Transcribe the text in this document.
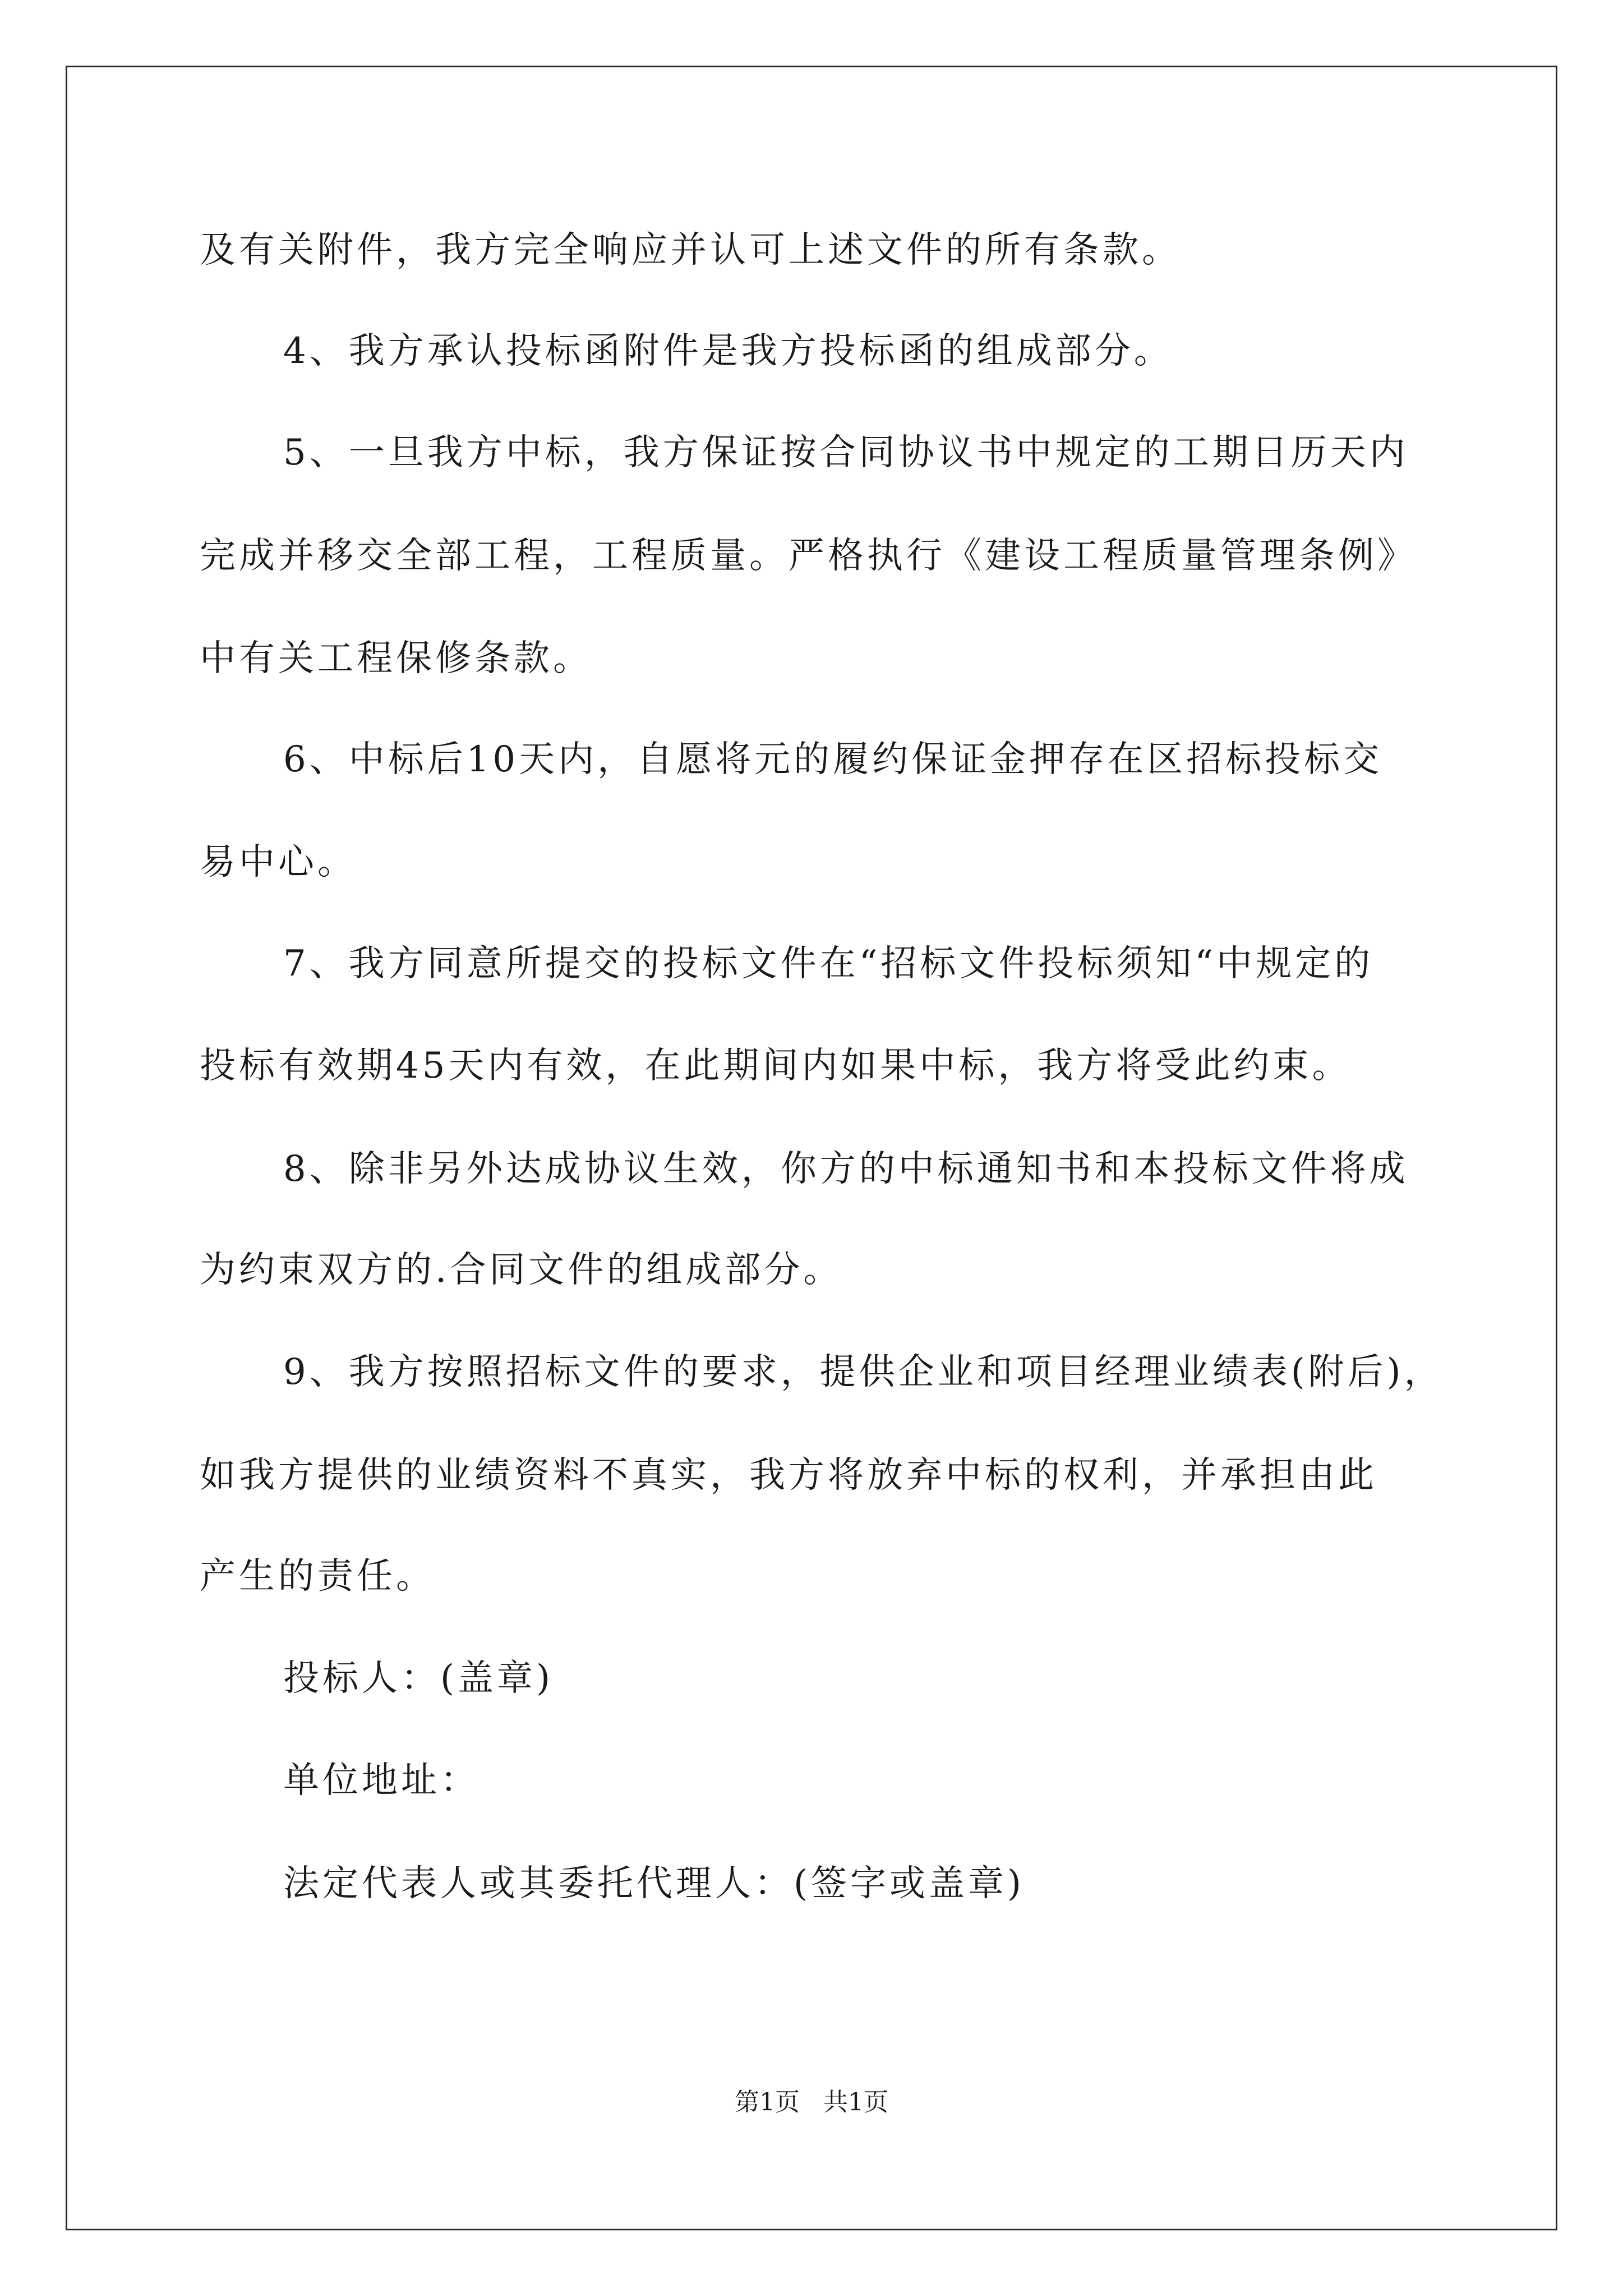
及有关附件，我方完全响应并认可上述文件的所有条款。

4、我方承认投标函附件是我方投标函的组成部分。

5、一旦我方中标，我方保证按合同协议书中规定的工期日历天内

完成并移交全部工程，工程质量。严格执行《建设工程质量管理条例》

中有关工程保修条款。

6、中标后10天内，自愿将元的履约保证金押存在区招标投标交

易中心。

7、我方同意所提交的投标文件在“招标文件投标须知“中规定的

投标有效期45天内有效，在此期间内如果中标，我方将受此约束。

8、除非另外达成协议生效，你方的中标通知书和本投标文件将成

为约束双方的.合同文件的组成部分。

9、我方按照招标文件的要求，提供企业和项目经理业绩表(附后)，

如我方提供的业绩资料不真实，我方将放弃中标的权利，并承担由此

产生的责任。

投标人：(盖章)

单位地址：

法定代表人或其委托代理人：(签字或盖章)

第1页   共1页
